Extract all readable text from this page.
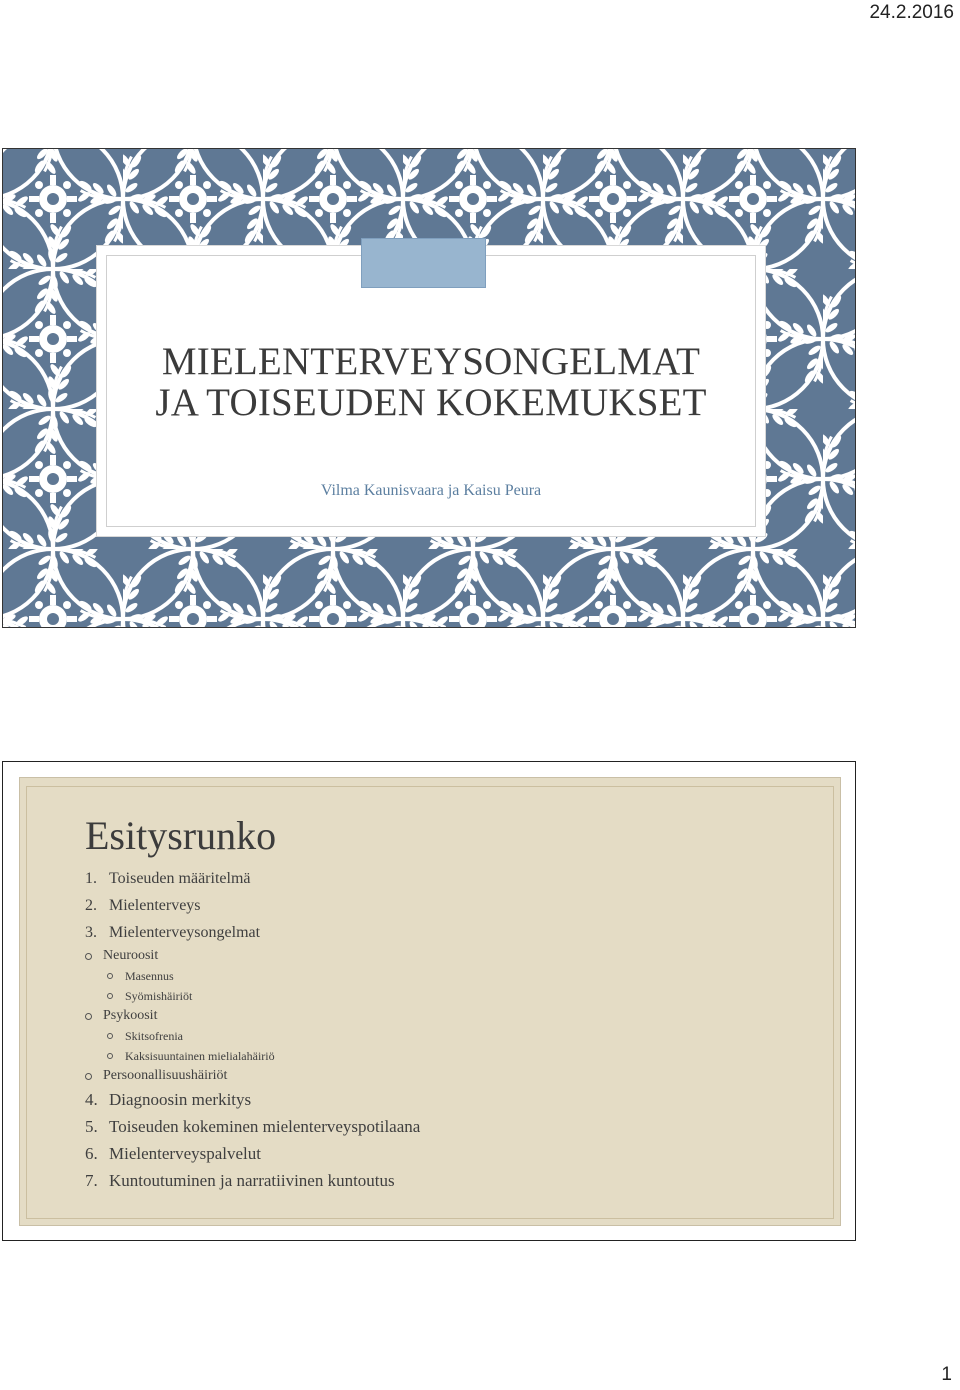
24.2.2016
MIELENTERVEYSONGELMAT
JA TOISEUDEN KOKEMUKSET
Vilma Kaunisvaara ja Kaisu Peura
Esitysrunko
1. Toiseuden määritelmä
2. Mielenterveys
3. Mielenterveysongelmat
Neuroosit
Masennus
Syömishäiriöt
Psykoosit
Skitsofrenia
Kaksisuuntainen mielialahäiriö
Persoonallisuushäiriöt
4. Diagnoosin merkitys
5. Toiseuden kokeminen mielenterveyspotilaana
6. Mielenterveyspalvelut
7. Kuntoutuminen ja narratiivinen kuntoutus
1
